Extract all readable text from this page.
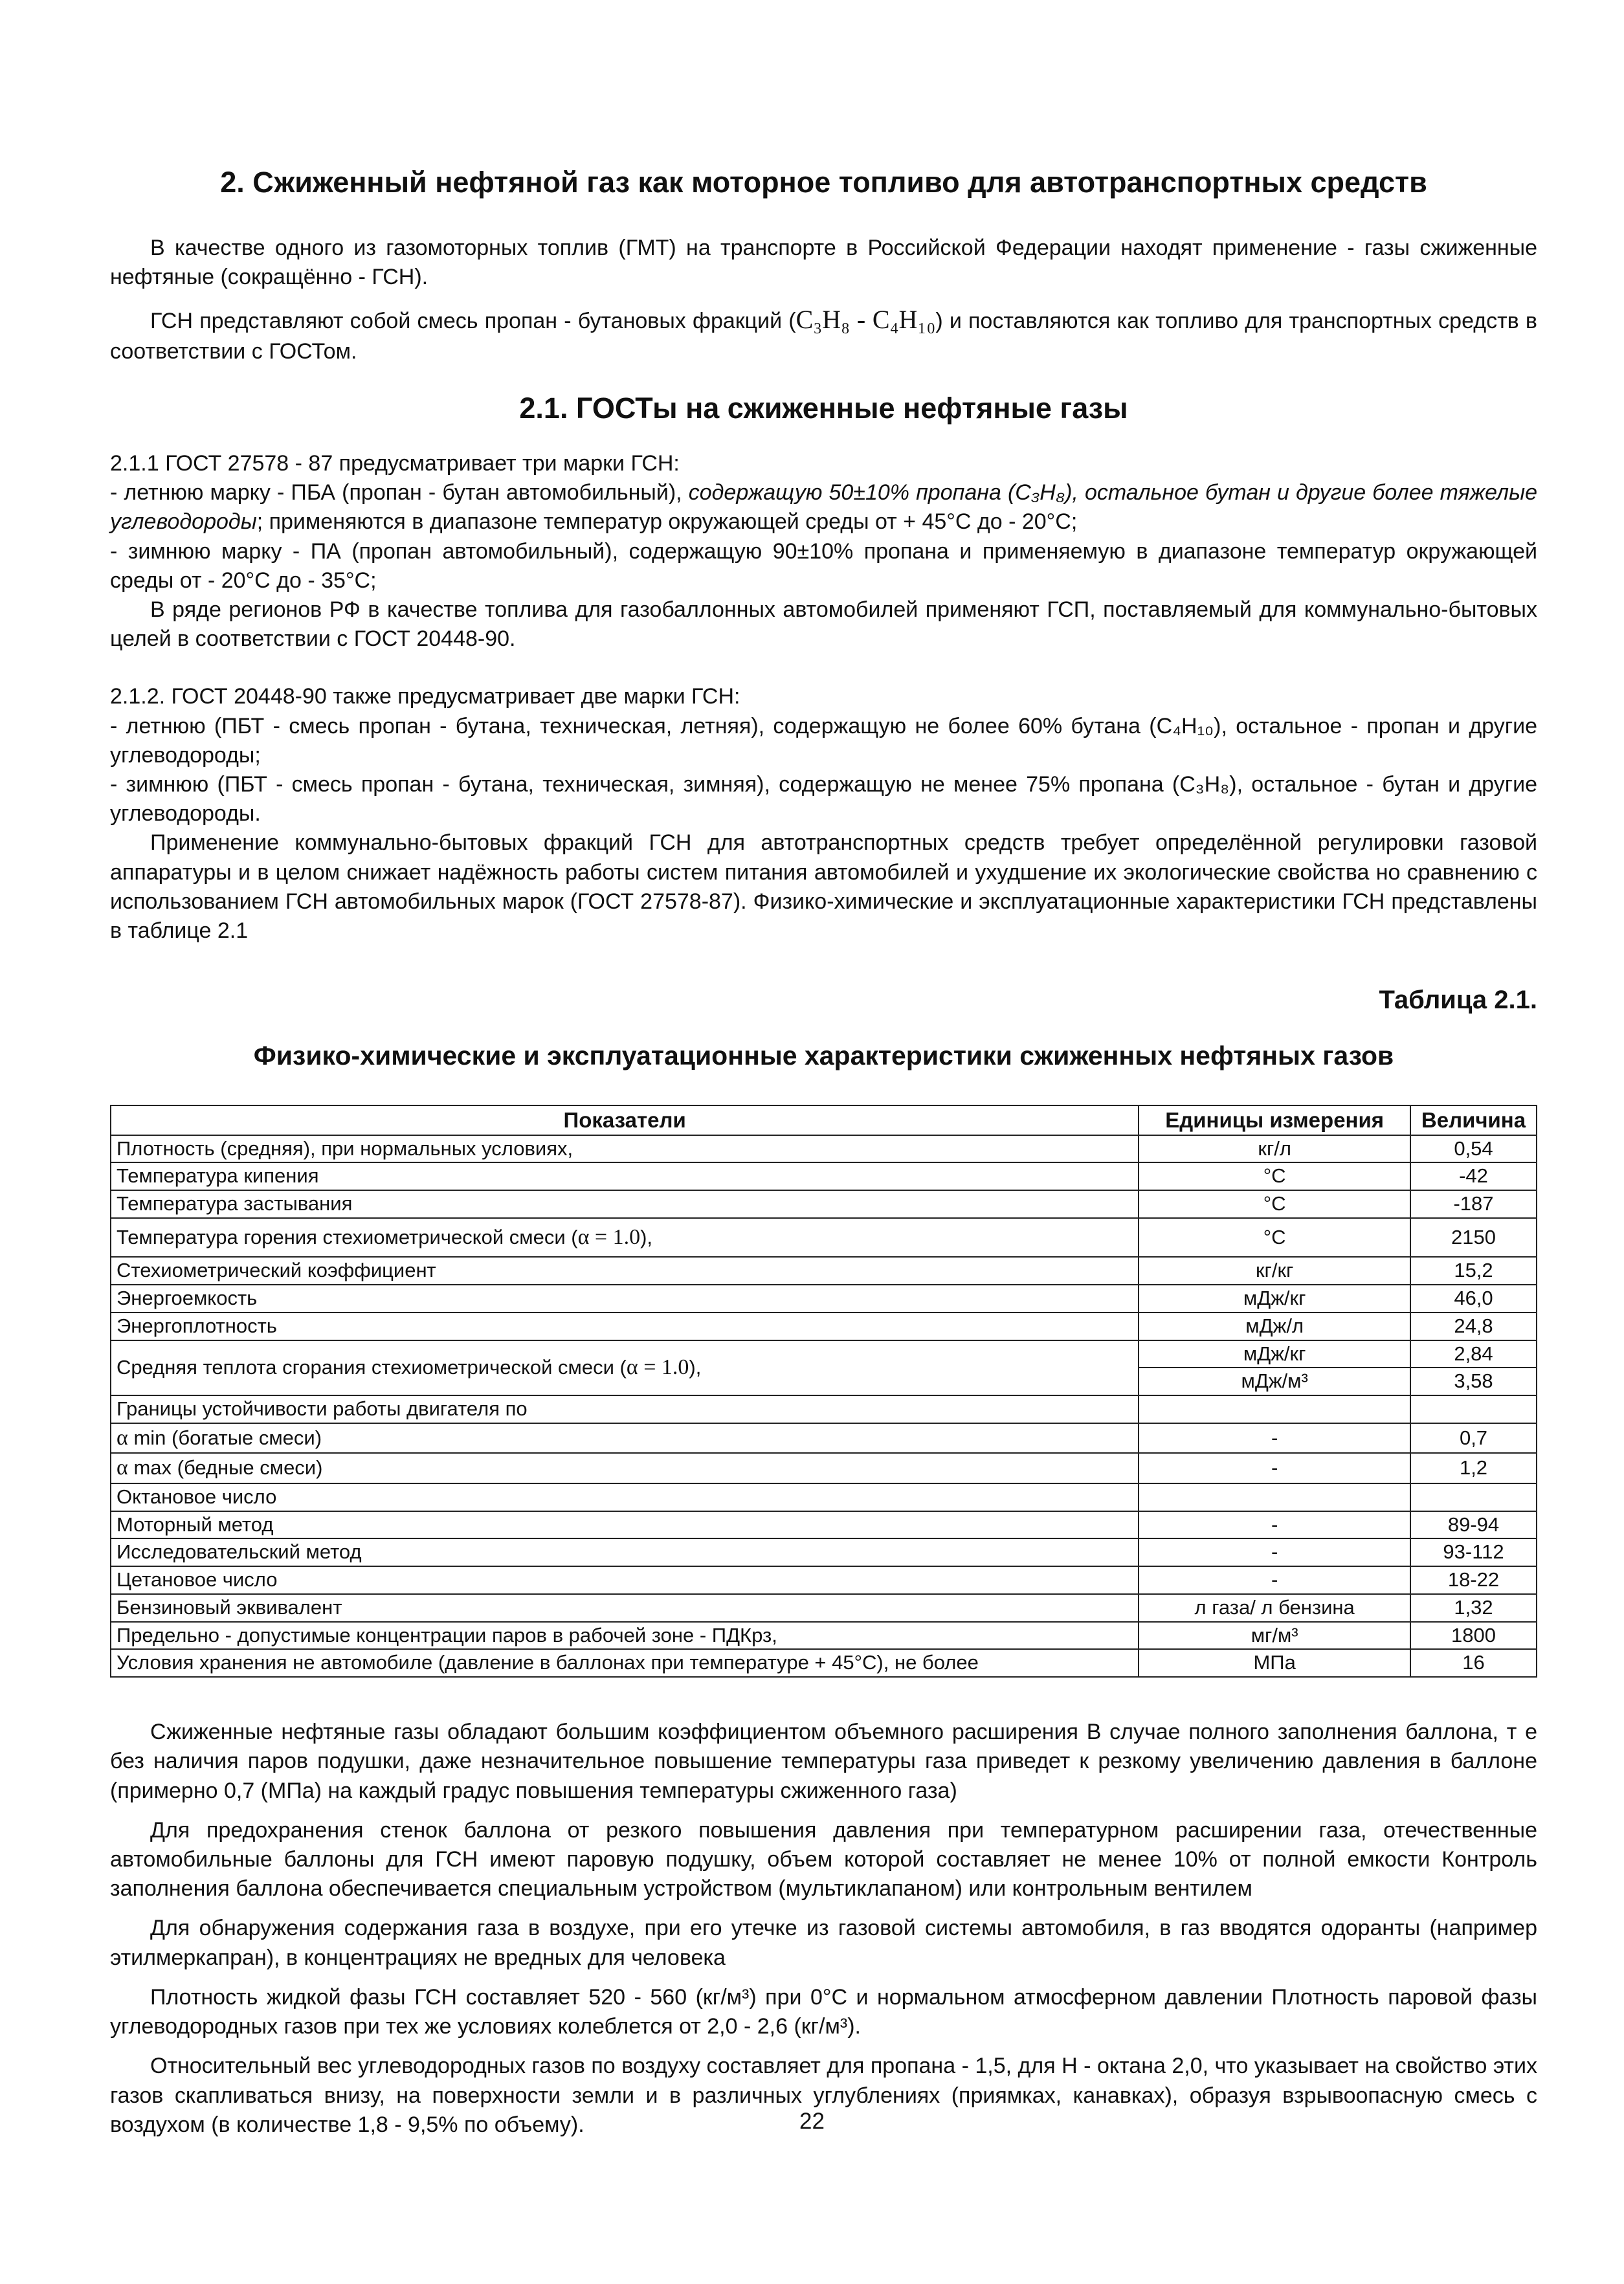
2. Сжиженный нефтяной газ как моторное топливо для автотранспортных средств

В качестве одного из газомоторных топлив (ГМТ) на транспорте в Российской Федерации находят применение - газы сжиженные нефтяные (сокращённо - ГСН).

ГСН представляют собой смесь пропан - бутановых фракций (C₃H₈ - C₄H₁₀) и поставляются как топливо для транспортных средств в соответствии с ГОСТом.

2.1. ГОСТы на сжиженные нефтяные газы
2.1.1 ГОСТ 27578 - 87 предусматривает три марки ГСН:
- летнюю марку - ПБА (пропан - бутан автомобильный), содержащую 50±10% пропана (C₃H₈), остальное бутан и другие более тяжелые углеводороды; применяются в диапазоне температур окружающей среды от + 45°С до - 20°С;
- зимнюю марку - ПА (пропан автомобильный), содержащую 90±10% пропана и применяемую в диапазоне температур окружающей среды от - 20°С до - 35°С;

В ряде регионов РФ в качестве топлива для газобаллонных автомобилей применяют ГСП, поставляемый для коммунально-бытовых целей в соответствии с ГОСТ 20448-90.

2.1.2. ГОСТ 20448-90 также предусматривает две марки ГСН:
- летнюю (ПБТ - смесь пропан - бутана, техническая, летняя), содержащую не более 60% бутана (C₄H₁₀), остальное - пропан и другие углеводороды;
- зимнюю (ПБТ - смесь пропан - бутана, техническая, зимняя), содержащую не менее 75% пропана (C₃H₈), остальное - бутан и другие углеводороды.

Применение коммунально-бытовых фракций ГСН для автотранспортных средств требует определённой регулировки газовой аппаратуры и в целом снижает надёжность работы систем питания автомобилей и ухудшение их экологические свойства но сравнению с использованием ГСН автомобильных марок (ГОСТ 27578-87). Физико-химические и эксплуатационные характеристики ГСН представлены в таблице 2.1

Таблица 2.1.
Физико-химические и эксплуатационные характеристики сжиженных нефтяных газов
Показатели	Единицы измерения	Величина
Плотность (средняя), при нормальных условиях,	кг/л	0,54
Температура кипения	°С	-42
Температура застывания	°С	-187
Температура горения стехиометрической смеси (α = 1.0),	°С	2150
Стехиометрический коэффициент	кг/кг	15,2
Энергоемкость	мДж/кг	46,0
Энергоплотность	мДж/л	24,8
Средняя теплота сгорания стехиометрической смеси (α = 1.0),	мДж/кг	2,84
	мДж/м³	3,58
Границы устойчивости работы двигателя по		
α min (богатые смеси)	-	0,7
α max (бедные смеси)	-	1,2
Октановое число		
Моторный метод	-	89-94
Исследовательский метод	-	93-112
Цетановое число	-	18-22
Бензиновый эквивалент	л газа/ л бензина	1,32
Предельно - допустимые концентрации паров в рабочей зоне - ПДКрз,	мг/м³	1800
Условия хранения не автомобиле (давление в баллонах при температуре + 45°С), не более	МПа	16

Сжиженные нефтяные газы обладают большим коэффициентом объемного расширения В случае полного заполнения баллона, т е без наличия паров подушки, даже незначительное повышение температуры газа приведет к резкому увеличению давления в баллоне (примерно 0,7 (МПа) на каждый градус повышения температуры сжиженного газа)

Для предохранения стенок баллона от резкого повышения давления при температурном расширении газа, отечественные автомобильные баллоны для ГСН имеют паровую подушку, объем которой составляет не менее 10% от полной емкости Контроль заполнения баллона обеспечивается специальным устройством (мультиклапаном) или контрольным вентилем

Для обнаружения содержания газа в воздухе, при его утечке из газовой системы автомобиля, в газ вводятся одоранты (например этилмеркапран), в концентрациях не вредных для человека

Плотность жидкой фазы ГСН составляет 520 - 560 (кг/м³) при 0°С и нормальном атмосферном давлении Плотность паровой фазы углеводородных газов при тех же условиях колеблется от 2,0 - 2,6 (кг/м³).

Относительный вес углеводородных газов по воздуху составляет для пропана - 1,5, для Н - октана 2,0, что указывает на свойство этих газов скапливаться внизу, на поверхности земли и в различных углублениях (приямках, канавках), образуя взрывоопасную смесь с воздухом (в количестве 1,8 - 9,5% по объему).	22
